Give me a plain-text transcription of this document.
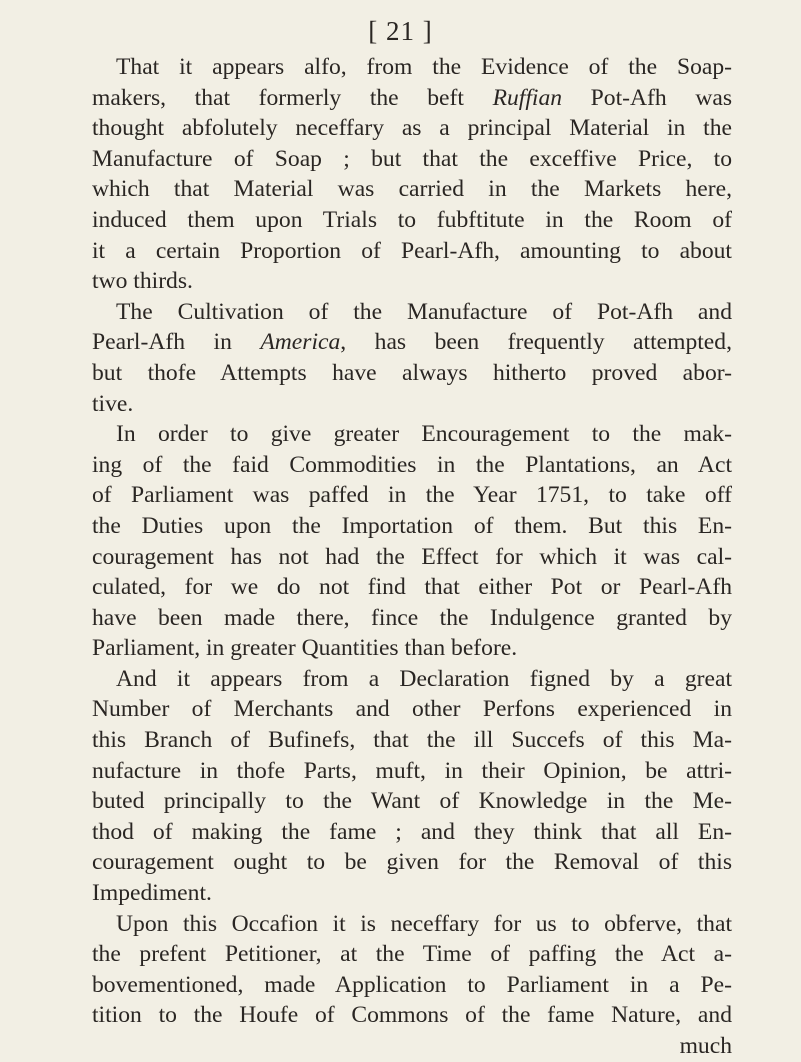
[ 21 ]
That it appears alfo, from the Evidence of the Soap-
makers, that formerly the beft Ruffian Pot-Afh was
thought abfolutely neceffary as a principal Material in the
Manufacture of Soap ; but that the exceffive Price, to
which that Material was carried in the Markets here,
induced them upon Trials to fubftitute in the Room of
it a certain Proportion of Pearl-Afh, amounting to about
two thirds.
The Cultivation of the Manufacture of Pot-Afh and
Pearl-Afh in America, has been frequently attempted,
but thofe Attempts have always hitherto proved abor-
tive.
In order to give greater Encouragement to the mak-
ing of the faid Commodities in the Plantations, an Act
of Parliament was paffed in the Year 1751, to take off
the Duties upon the Importation of them. But this En-
couragement has not had the Effect for which it was cal-
culated, for we do not find that either Pot or Pearl-Afh
have been made there, fince the Indulgence granted by
Parliament, in greater Quantities than before.
And it appears from a Declaration figned by a great
Number of Merchants and other Perfons experienced in
this Branch of Bufinefs, that the ill Succefs of this Ma-
nufacture in thofe Parts, muft, in their Opinion, be attri-
buted principally to the Want of Knowledge in the Me-
thod of making the fame ; and they think that all En-
couragement ought to be given for the Removal of this
Impediment.
Upon this Occafion it is neceffary for us to obferve, that
the prefent Petitioner, at the Time of paffing the Act a-
bovementioned, made Application to Parliament in a Pe-
tition to the Houfe of Commons of the fame Nature, and
much
